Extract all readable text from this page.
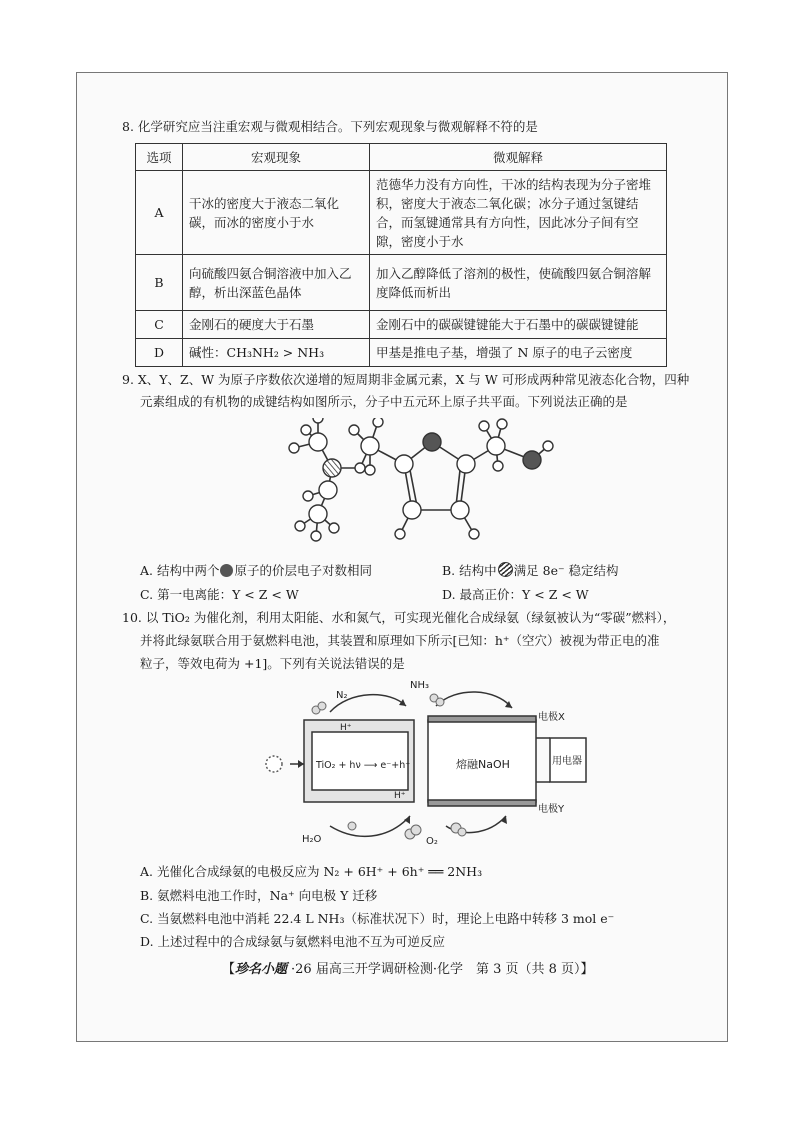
8. 化学研究应当注重宏观与微观相结合。下列宏观现象与微观解释不符的是
选项	宏观现象	微观解释
A	干冰的密度大于液态二氧化碳，而冰的密度小于水	范德华力没有方向性，干冰的结构表现为分子密堆积，密度大于液态二氧化碳；冰分子通过氢键结合，而氢键通常具有方向性，因此冰分子间有空隙，密度小于水
B	向硫酸四氨合铜溶液中加入乙醇，析出深蓝色晶体	加入乙醇降低了溶剂的极性，使硫酸四氨合铜溶解度降低而析出
C	金刚石的硬度大于石墨	金刚石中的碳碳键键能大于石墨中的碳碳键键能
D	碱性：CH₃NH₂ > NH₃	甲基是推电子基，增强了 N 原子的电子云密度
9. X、Y、Z、W 为原子序数依次递增的短周期非金属元素，X 与 W 可形成两种常见液态化合物，四种
元素组成的有机物的成键结构如图所示，分子中五元环上原子共平面。下列说法正确的是
A. 结构中两个 原子的价层电子对数相同	B. 结构中 满足 8e⁻ 稳定结构
C. 第一电离能：Y < Z < W	D. 最高正价：Y < Z < W
10. 以 TiO₂ 为催化剂，利用太阳能、水和氮气，可实现光催化合成绿氨（绿氨被认为“零碳”燃料），
并将此绿氨联合用于氨燃料电池，其装置和原理如下所示[已知：h⁺（空穴）被视为带正电的准
粒子，等效电荷为 +1]。下列有关说法错误的是
N₂
NH₃
H⁺
H⁺
TiO₂ + hν ⟶ e⁻+h⁺	熔融NaOH
电极X
电极Y
用电器
H₂O	O₂
A. 光催化合成绿氨的电极反应为 N₂ + 6H⁺ + 6h⁺ ══ 2NH₃
B. 氨燃料电池工作时，Na⁺ 向电极 Y 迁移
C. 当氨燃料电池中消耗 22.4 L NH₃（标准状况下）时，理论上电路中转移 3 mol e⁻
D. 上述过程中的合成绿氨与氨燃料电池不互为可逆反应
【珍名小题 ·26 届高三开学调研检测·化学　第 3 页（共 8 页）】
